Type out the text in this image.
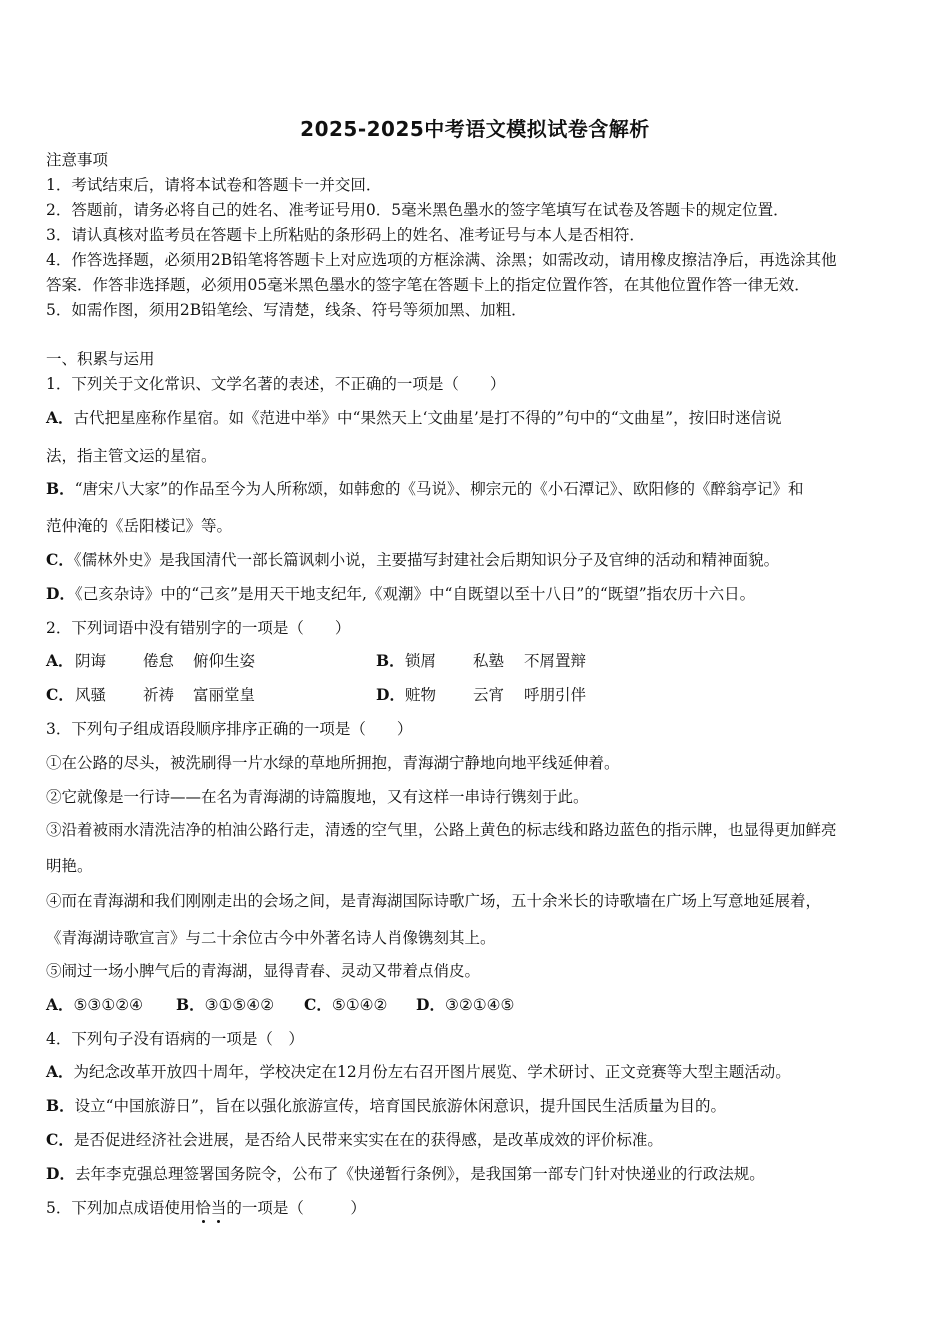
2025-2025中考语文模拟试卷含解析
注意事项
1．考试结束后，请将本试卷和答题卡一并交回．
2．答题前，请务必将自己的姓名、准考证号用0．5毫米黑色墨水的签字笔填写在试卷及答题卡的规定位置．
3．请认真核对监考员在答题卡上所粘贴的条形码上的姓名、准考证号与本人是否相符．
4．作答选择题，必须用2B铅笔将答题卡上对应选项的方框涂满、涂黑；如需改动，请用橡皮擦洁净后，再选涂其他
答案．作答非选择题，必须用05毫米黑色墨水的签字笔在答题卡上的指定位置作答，在其他位置作答一律无效．
5．如需作图，须用2B铅笔绘、写清楚，线条、符号等须加黑、加粗．
一、积累与运用
1．下列关于文化常识、文学名著的表述，不正确的一项是（　　）
A．古代把星座称作星宿。如《范进中举》中“果然天上‘文曲星’是打不得的”句中的“文曲星”，按旧时迷信说
法，指主管文运的星宿。
B．“唐宋八大家”的作品至今为人所称颂，如韩愈的《马说》、柳宗元的《小石潭记》、欧阳修的《醉翁亭记》和
范仲淹的《岳阳楼记》等。
C．《儒林外史》是我国清代一部长篇讽刺小说，主要描写封建社会后期知识分子及官绅的活动和精神面貌。
D．《己亥杂诗》中的“己亥”是用天干地支纪年,《观潮》中“自既望以至十八日”的“既望”指农历十六日。
2．下列词语中没有错别字的一项是（　　）
A． 阴诲 倦怠 俯仰生姿	B． 锁屑 私塾 不屑置辩
C． 风骚 祈祷 富丽堂皇	D． 赃物 云宵 呼朋引伴
3．下列句子组成语段顺序排序正确的一项是（　　）
①在公路的尽头，被洗刷得一片水绿的草地所拥抱，青海湖宁静地向地平线延伸着。
②它就像是一行诗——在名为青海湖的诗篇腹地，又有这样一串诗行镌刻于此。
③沿着被雨水清洗洁净的柏油公路行走，清透的空气里，公路上黄色的标志线和路边蓝色的指示牌，也显得更加鲜亮
明艳。
④而在青海湖和我们刚刚走出的会场之间，是青海湖国际诗歌广场，五十余米长的诗歌墙在广场上写意地延展着，
《青海湖诗歌宣言》与二十余位古今中外著名诗人肖像镌刻其上。
⑤闹过一场小脾气后的青海湖，显得青春、灵动又带着点俏皮。
A．⑤③①②④ B．③①⑤④② C．⑤①④② D．③②①④⑤
4．下列句子没有语病的一项是（　）
A．为纪念改革开放四十周年，学校决定在12月份左右召开图片展览、学术研讨、正文竞赛等大型主题活动。
B．设立“中国旅游日”，旨在以强化旅游宣传，培育国民旅游休闲意识，提升国民生活质量为目的。
C．是否促进经济社会进展，是否给人民带来实实在在的获得感，是改革成效的评价标准。
D．去年李克强总理签署国务院令，公布了《快递暂行条例》，是我国第一部专门针对快递业的行政法规。
5．下列加点成语使用恰当的一项是（　　　）
